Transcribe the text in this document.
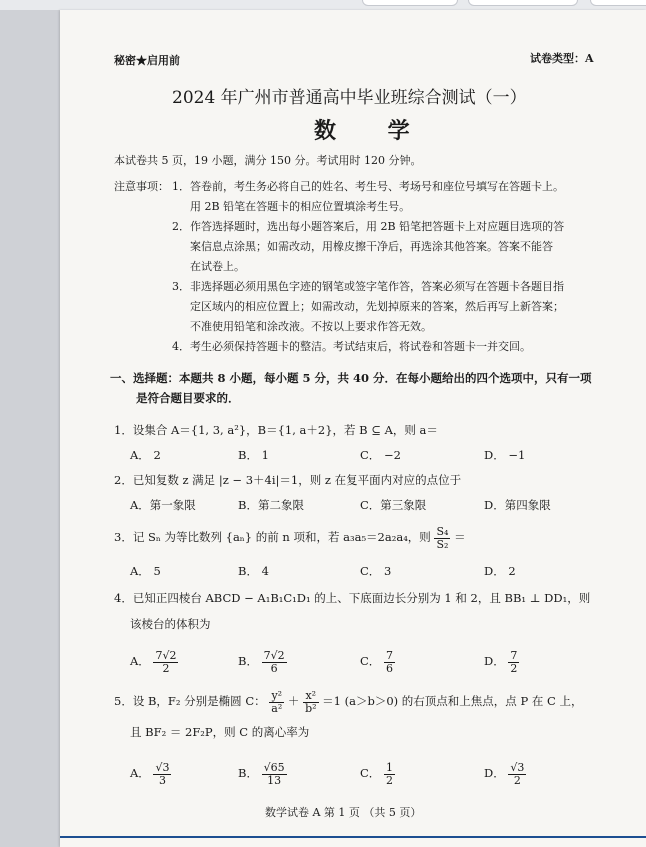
秘密★启用前	试卷类型：A
2024 年广州市普通高中毕业班综合测试（一）
数 学
本试卷共 5 页，19 小题，满分 150 分。考试用时 120 分钟。
注意事项： 1．答卷前，考生务必将自己的姓名、考生号、考场号和座位号填写在答题卡上。
用 2B 铅笔在答题卡的相应位置填涂考生号。
2．作答选择题时，选出每小题答案后，用 2B 铅笔把答题卡上对应题目选项的答
案信息点涂黑；如需改动，用橡皮擦干净后，再选涂其他答案。答案不能答
在试卷上。
3．非选择题必须用黑色字迹的钢笔或签字笔作答，答案必须写在答题卡各题目指
定区域内的相应位置上；如需改动，先划掉原来的答案，然后再写上新答案；
不准使用铅笔和涂改液。不按以上要求作答无效。
4．考生必须保持答题卡的整洁。考试结束后，将试卷和答题卡一并交回。
一、选择题：本题共 8 小题，每小题 5 分，共 40 分．在每小题给出的四个选项中，只有一项
是符合题目要求的．
1．设集合 A＝{1, 3, a²}，B＝{1, a＋2}，若 B ⊆ A，则 a＝
A． 2	B． 1	C． −2	D． −1
2．已知复数 z 满足 |z − 3＋4i|＝1，则 z 在复平面内对应的点位于
A．第一象限	B．第二象限	C．第三象限	D．第四象限
3．记 Sₙ 为等比数列 {aₙ} 的前 n 项和，若 a₃a₅＝2a₂a₄，则 $\frac{\text{S₄}}{\text{S₂}}$ ＝
A． 5	B． 4	C． 3	D． 2
4．已知正四棱台 ABCD − A₁B₁C₁D₁ 的上、下底面边长分别为 1 和 2，且 BB₁ ⊥ DD₁，则
该棱台的体积为
A． $\frac{7√2}{2}$	B． $\frac{7√2}{6}$	C． $\frac{7}{6}$	D． $\frac{7}{2}$
5．设 B，F₂ 分别是椭圆 C： $\frac{\text{y²}}{\text{a²}} + \frac{\text{x²}}{\text{b²}} =1$ (a＞b＞0) 的右顶点和上焦点，点 P 在 C 上，
且 BF₂ ＝ 2F₂P，则 C 的离心率为
A． $\frac{√3}{3}$	B． $\frac{√65}{13}$	C． $\frac{1}{2}$	D． $\frac{√3}{2}$
数学试卷 A 第 1 页 （共 5 页）
